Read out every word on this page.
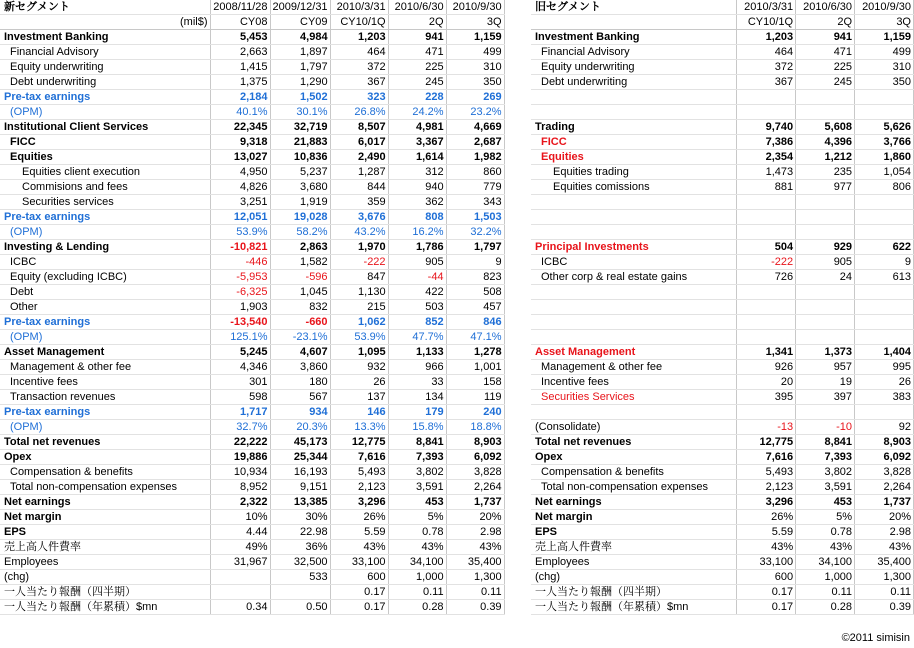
新セグメント	2008/11/28	2009/12/31	2010/3/31	2010/6/30	2010/9/30
(mil$)	CY08	CY09	CY10/1Q	2Q	3Q
Investment Banking	5,453	4,984	1,203	941	1,159
Financial Advisory	2,663	1,897	464	471	499
Equity underwriting	1,415	1,797	372	225	310
Debt underwriting	1,375	1,290	367	245	350
Pre-tax earnings	2,184	1,502	323	228	269
(OPM)	40.1%	30.1%	26.8%	24.2%	23.2%
Institutional Client Services	22,345	32,719	8,507	4,981	4,669
FICC	9,318	21,883	6,017	3,367	2,687
Equities	13,027	10,836	2,490	1,614	1,982
Equities client execution	4,950	5,237	1,287	312	860
Commisions and fees	4,826	3,680	844	940	779
Securities services	3,251	1,919	359	362	343
Pre-tax earnings	12,051	19,028	3,676	808	1,503
(OPM)	53.9%	58.2%	43.2%	16.2%	32.2%
Investing & Lending	-10,821	2,863	1,970	1,786	1,797
ICBC	-446	1,582	-222	905	9
Equity (excluding ICBC)	-5,953	-596	847	-44	823
Debt	-6,325	1,045	1,130	422	508
Other	1,903	832	215	503	457
Pre-tax earnings	-13,540	-660	1,062	852	846
(OPM)	125.1%	-23.1%	53.9%	47.7%	47.1%
Asset Management	5,245	4,607	1,095	1,133	1,278
Management & other fee	4,346	3,860	932	966	1,001
Incentive fees	301	180	26	33	158
Transaction revenues	598	567	137	134	119
Pre-tax earnings	1,717	934	146	179	240
(OPM)	32.7%	20.3%	13.3%	15.8%	18.8%
Total net revenues	22,222	45,173	12,775	8,841	8,903
Opex	19,886	25,344	7,616	7,393	6,092
Compensation & benefits	10,934	16,193	5,493	3,802	3,828
Total non-compensation expenses	8,952	9,151	2,123	3,591	2,264
Net earnings	2,322	13,385	3,296	453	1,737
Net margin	10%	30%	26%	5%	20%
EPS	4.44	22.98	5.59	0.78	2.98
売上高人件費率	49%	36%	43%	43%	43%
Employees	31,967	32,500	33,100	34,100	35,400
(chg)		533	600	1,000	1,300
一人当たり報酬（四半期）			0.17	0.11	0.11
一人当たり報酬（年累積）$mn	0.34	0.50	0.17	0.28	0.39
旧セグメント	2010/3/31	2010/6/30	2010/9/30
	CY10/1Q	2Q	3Q
Investment Banking	1,203	941	1,159
Financial Advisory	464	471	499
Equity underwriting	372	225	310
Debt underwriting	367	245	350

Trading	9,740	5,608	5,626
FICC	7,386	4,396	3,766
Equities	2,354	1,212	1,860
Equities trading	1,473	235	1,054
Equities comissions	881	977	806

Principal Investments	504	929	622
ICBC	-222	905	9
Other corp & real estate gains	726	24	613

Asset Management	1,341	1,373	1,404
Management & other fee	926	957	995
Incentive fees	20	19	26
Securities Services	395	397	383

(Consolidate)	-13	-10	92
Total net revenues	12,775	8,841	8,903
Opex	7,616	7,393	6,092
Compensation & benefits	5,493	3,802	3,828
Total non-compensation expenses	2,123	3,591	2,264
Net earnings	3,296	453	1,737
Net margin	26%	5%	20%
EPS	5.59	0.78	2.98
売上高人件費率	43%	43%	43%
Employees	33,100	34,100	35,400
(chg)	600	1,000	1,300
一人当たり報酬（四半期）	0.17	0.11	0.11
一人当たり報酬（年累積）$mn	0.17	0.28	0.39
©2011 simisin
